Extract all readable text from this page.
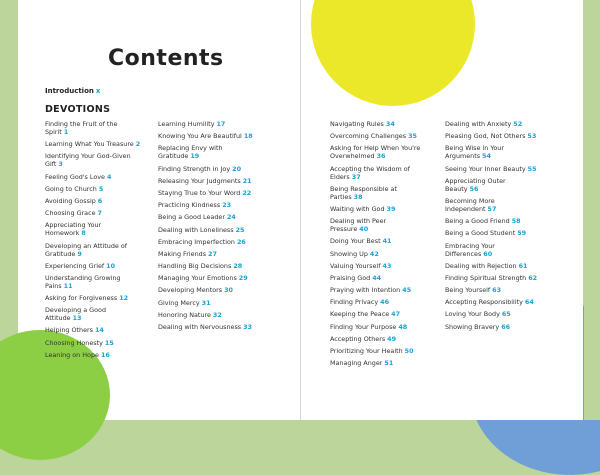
Contents
Introduction x
DEVOTIONS
Finding the Fruit of the Spirit 1
Learning What You Treasure 2
Identifying Your God-Given Gift 3
Feeling God's Love 4
Going to Church 5
Avoiding Gossip 6
Choosing Grace 7
Appreciating Your Homework 8
Developing an Attitude of Gratitude 9
Experiencing Grief 10
Understanding Growing Pains 11
Asking for Forgiveness 12
Developing a Good Attitude 13
Helping Others 14
Choosing Honesty 15
Leaning on Hope 16
Learning Humility 17
Knowing You Are Beautiful 18
Replacing Envy with Gratitude 19
Finding Strength in Joy 20
Releasing Your Judgments 21
Staying True to Your Word 22
Practicing Kindness 23
Being a Good Leader 24
Dealing with Loneliness 25
Embracing Imperfection 26
Making Friends 27
Handling Big Decisions 28
Managing Your Emotions 29
Developing Mentors 30
Giving Mercy 31
Honoring Nature 32
Dealing with Nervousness 33
Navigating Rules 34
Overcoming Challenges 35
Asking for Help When You're Overwhelmed 36
Accepting the Wisdom of Elders 37
Being Responsible at Parties 38
Waiting with God 39
Dealing with Peer Pressure 40
Doing Your Best 41
Showing Up 42
Valuing Yourself 43
Praising God 44
Praying with Intention 45
Finding Privacy 46
Keeping the Peace 47
Finding Your Purpose 48
Accepting Others 49
Prioritizing Your Health 50
Managing Anger 51
Dealing with Anxiety 52
Pleasing God, Not Others 53
Being Wise in Your Arguments 54
Seeing Your Inner Beauty 55
Appreciating Outer Beauty 56
Becoming More Independent 57
Being a Good Friend 58
Being a Good Student 59
Embracing Your Differences 60
Dealing with Rejection 61
Finding Spiritual Strength 62
Being Yourself 63
Accepting Responsibility 64
Loving Your Body 65
Showing Bravery 66
